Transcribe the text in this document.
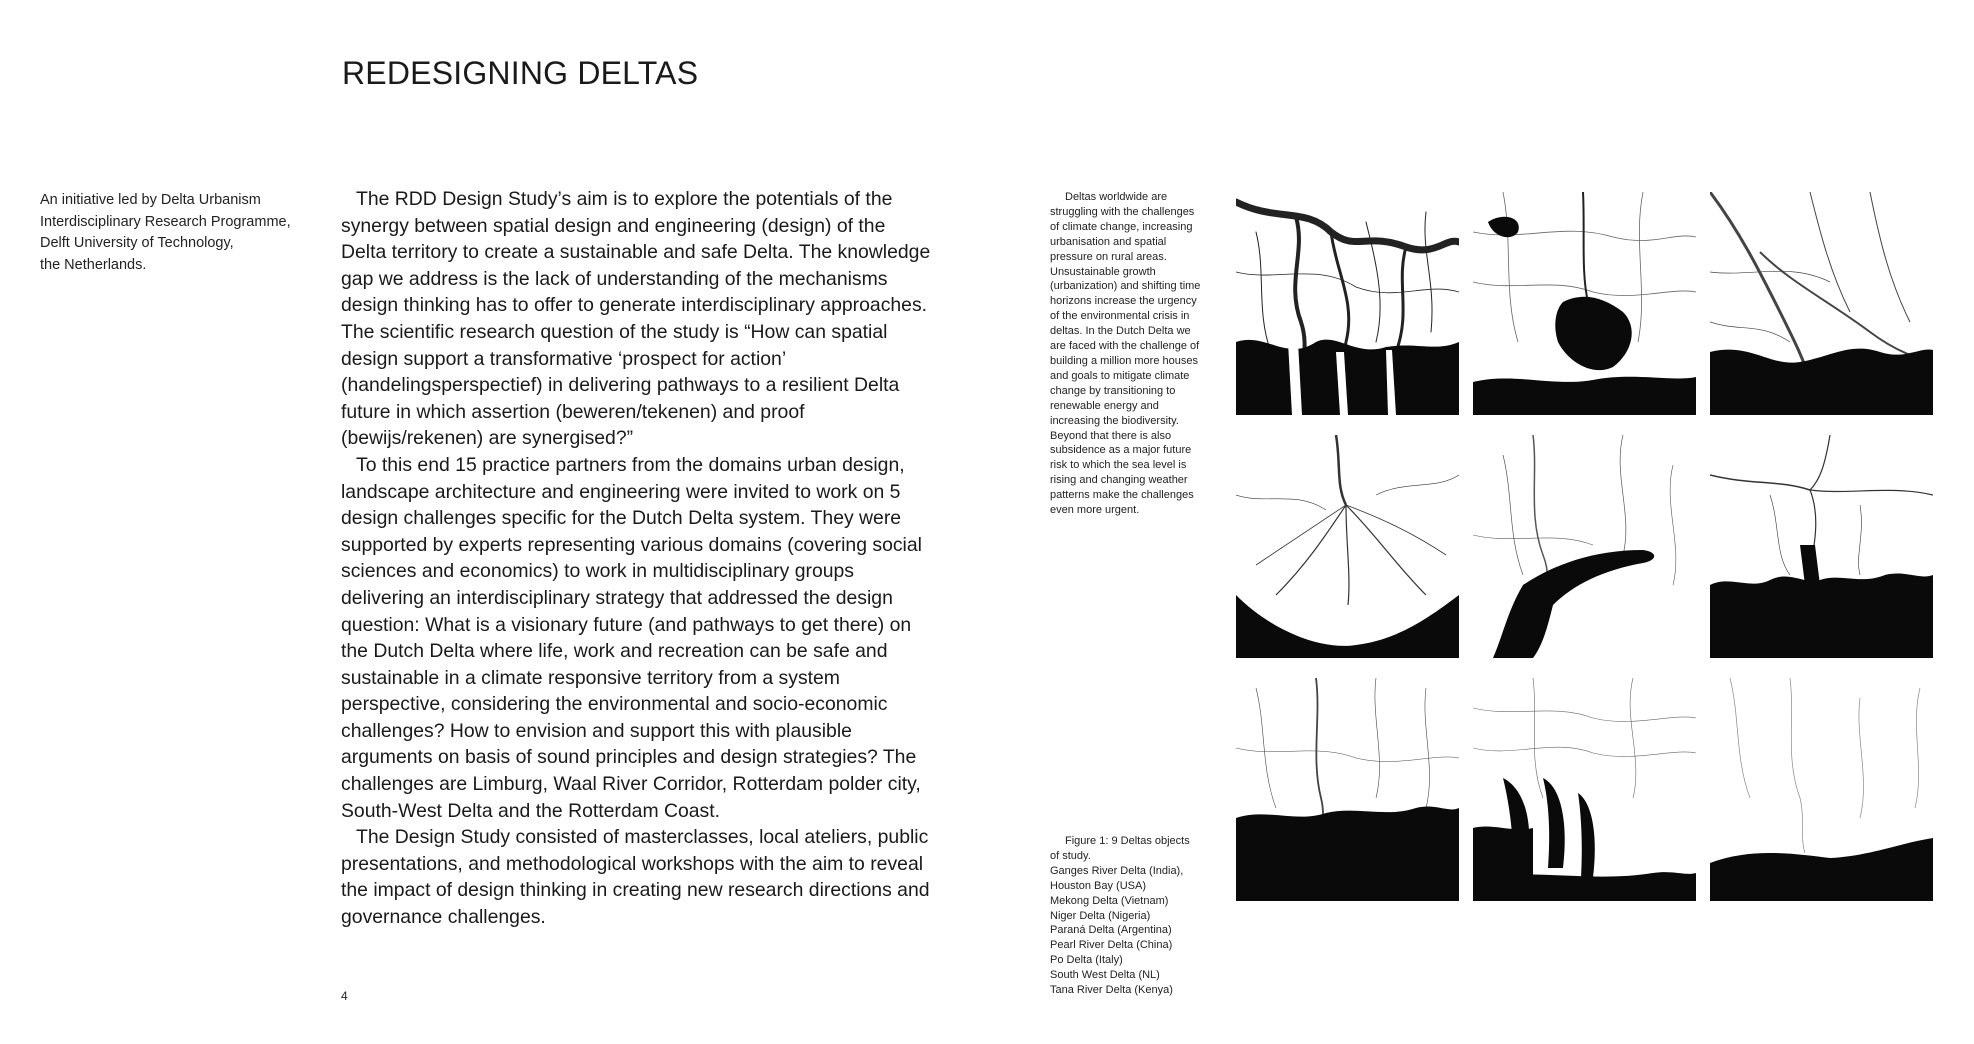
REDESIGNING DELTAS
An initiative led by Delta Urbanism
Interdisciplinary Research Programme,
Delft University of Technology,
the Netherlands.

The RDD Design Study’s aim is to explore the potentials of the synergy between spatial design and engineering (design) of the Delta territory to create a sustainable and safe Delta. The knowledge gap we address is the lack of understanding of the mechanisms design thinking has to offer to generate interdisciplinary approaches. The scientific research question of the study is “How can spatial design support a transformative ‘prospect for action’ (handelingsperspectief) in delivering pathways to a resilient Delta future in which assertion (beweren/tekenen) and proof (bewijs/rekenen) are synergised?”

To this end 15 practice partners from the domains urban design, landscape architecture and engineering were invited to work on 5 design challenges specific for the Dutch Delta system. They were supported by experts representing various domains (covering social sciences and economics) to work in multidisciplinary groups delivering an interdisciplinary strategy that addressed the design question: What is a visionary future (and pathways to get there) on the Dutch Delta where life, work and recreation can be safe and sustainable in a climate responsive territory from a system perspective, considering the environmental and socio-economic challenges? How to envision and support this with plausible arguments on basis of sound principles and design strategies? The challenges are Limburg, Waal River Corridor, Rotterdam polder city, South-West Delta and the Rotterdam Coast.

The Design Study consisted of masterclasses, local ateliers, public presentations, and methodological workshops with the aim to reveal the impact of design thinking in creating new research directions and governance challenges.

4
Deltas worldwide are
struggling with the challenges
of climate change, increasing
urbanisation and spatial
pressure on rural areas.
Unsustainable growth
(urbanization) and shifting time
horizons increase the urgency
of the environmental crisis in
deltas. In the Dutch Delta we
are faced with the challenge of
building a million more houses
and goals to mitigate climate
change by transitioning to
renewable energy and
increasing the biodiversity.
Beyond that there is also
subsidence as a major future
risk to which the sea level is
rising and changing weather
patterns make the challenges
even more urgent.
Figure 1: 9 Deltas objects
of study.
Ganges River Delta (India),
Houston Bay (USA)
Mekong Delta (Vietnam)
Niger Delta (Nigeria)
Paraná Delta (Argentina)
Pearl River Delta (China)
Po Delta (Italy)
South West Delta (NL)
Tana River Delta (Kenya)
